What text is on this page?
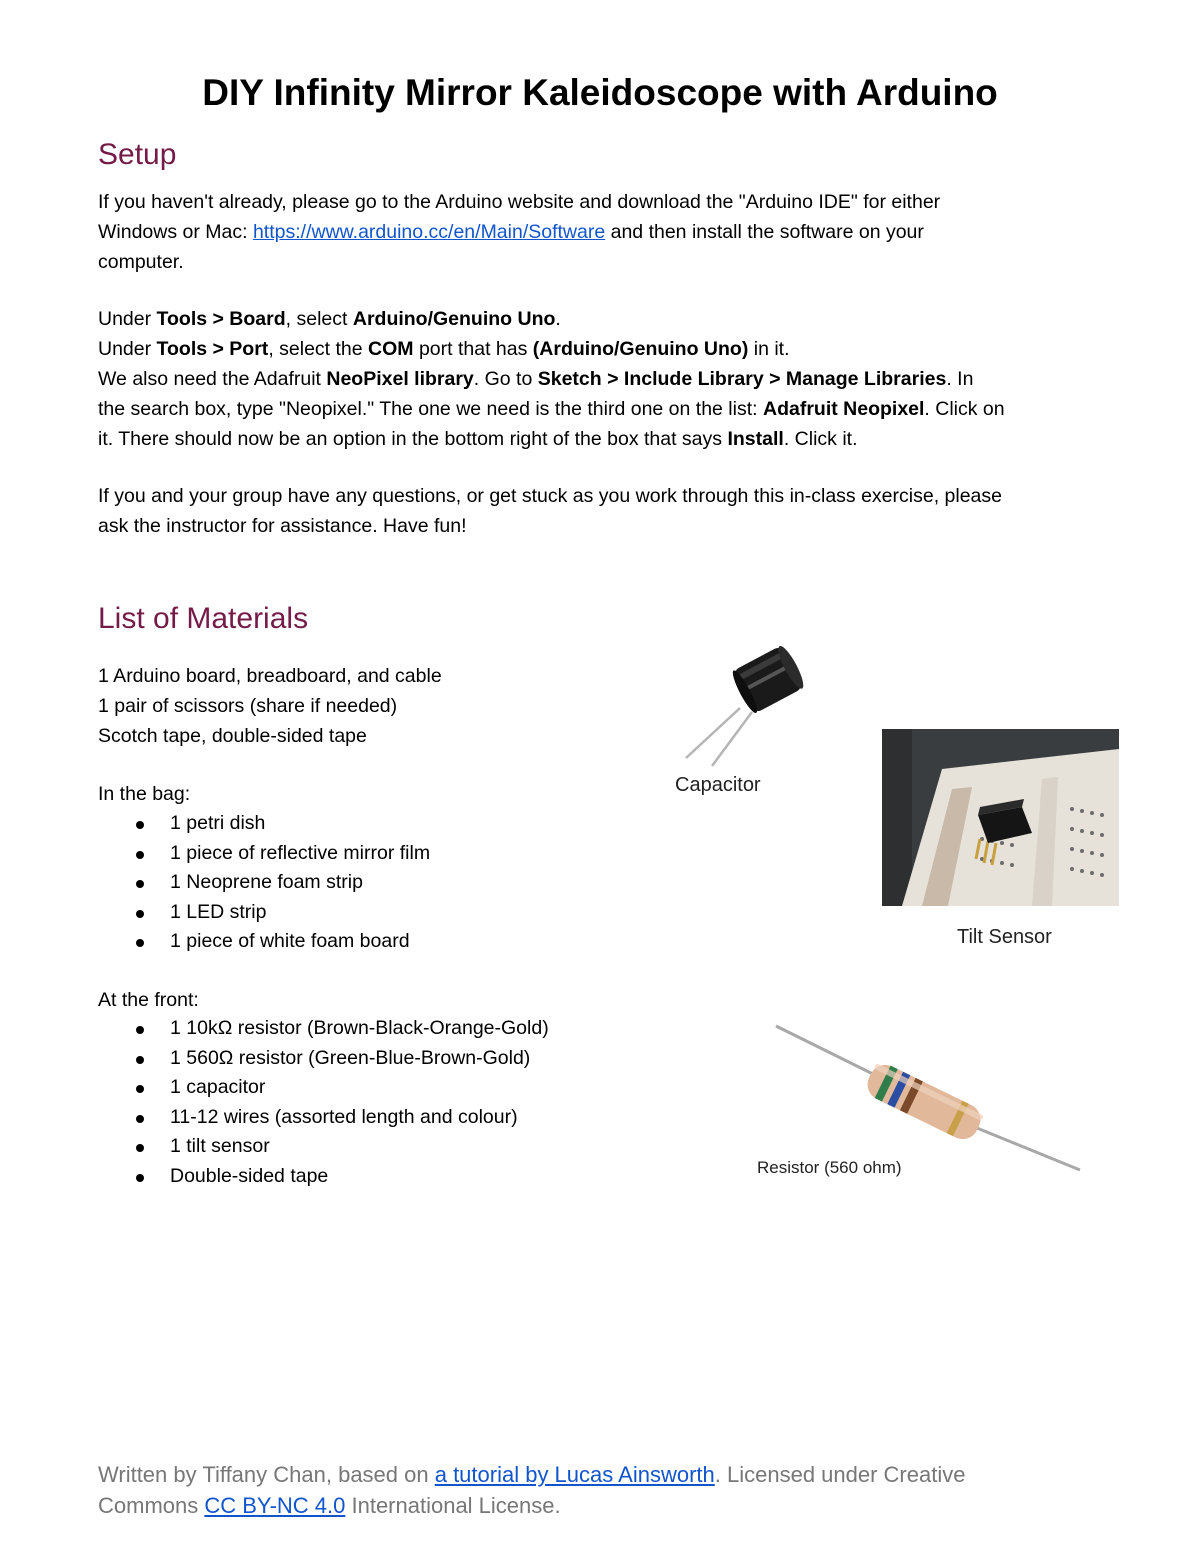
DIY Infinity Mirror Kaleidoscope with Arduino
Setup
If you haven't already, please go to the Arduino website and download the "Arduino IDE" for either
Windows or Mac: https://www.arduino.cc/en/Main/Software and then install the software on your
computer.
Under Tools > Board, select Arduino/Genuino Uno.
Under Tools > Port, select the COM port that has (Arduino/Genuino Uno) in it.
We also need the Adafruit NeoPixel library. Go to Sketch > Include Library > Manage Libraries. In
the search box, type "Neopixel." The one we need is the third one on the list: Adafruit Neopixel. Click on
it. There should now be an option in the bottom right of the box that says Install. Click it.
If you and your group have any questions, or get stuck as you work through this in-class exercise, please
ask the instructor for assistance. Have fun!
List of Materials
1 Arduino board, breadboard, and cable
1 pair of scissors (share if needed)
Scotch tape, double-sided tape
In the bag:
1 petri dish
1 piece of reflective mirror film
1 Neoprene foam strip
1 LED strip
1 piece of white foam board
At the front:
1 10kΩ resistor (Brown-Black-Orange-Gold)
1 560Ω resistor (Green-Blue-Brown-Gold)
1 capacitor
11-12 wires (assorted length and colour)
1 tilt sensor
Double-sided tape
Capacitor
Tilt Sensor
Resistor (560 ohm)
Written by Tiffany Chan, based on a tutorial by Lucas Ainsworth. Licensed under Creative
Commons CC BY-NC 4.0 International License.
